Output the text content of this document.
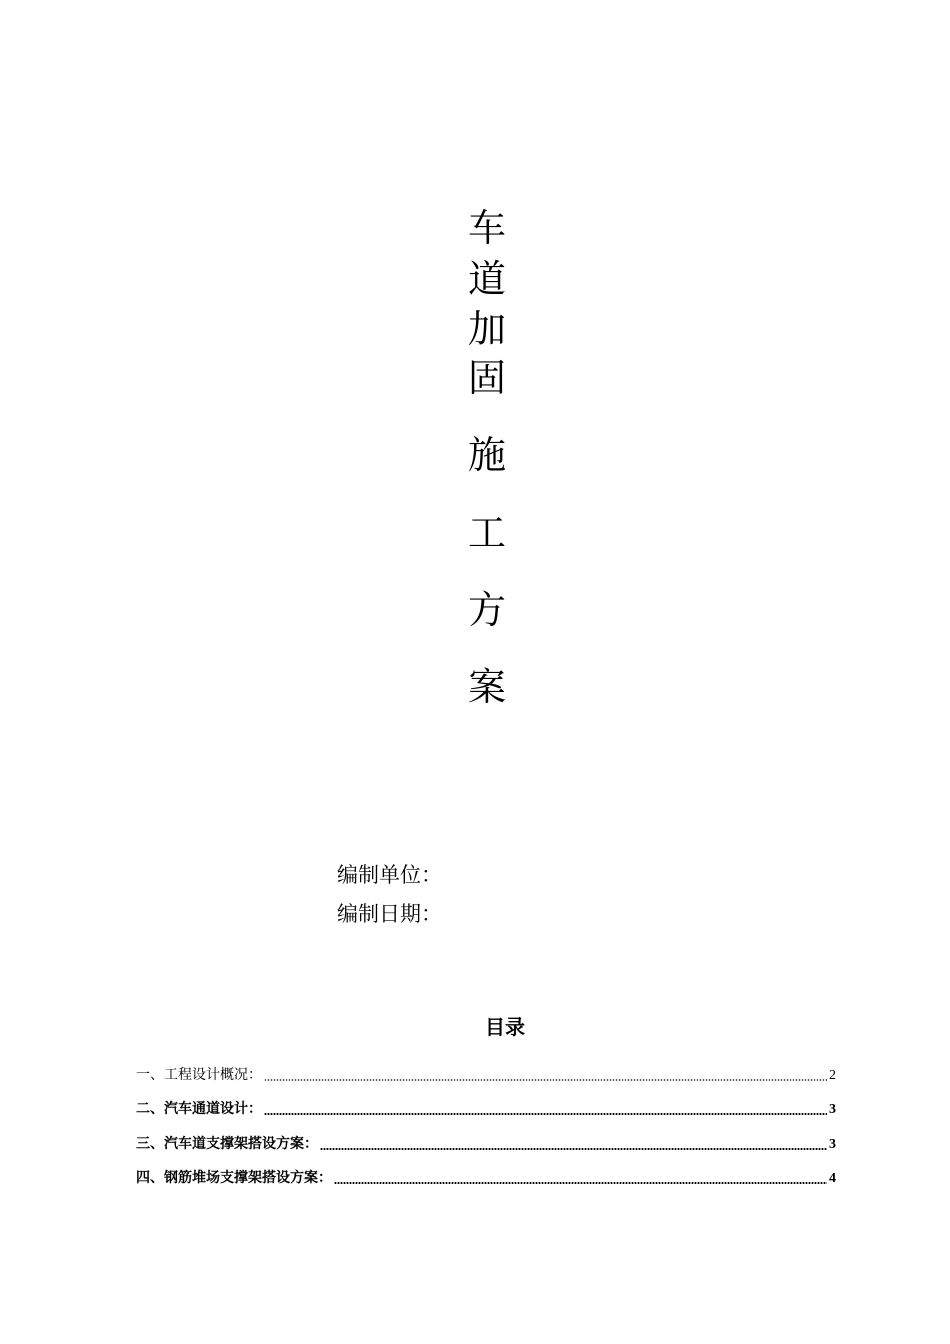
车
道
加
固
施
工
方
案
编制单位：
编制日期：
目录
一、工程设计概况：	2
二、汽车通道设计：	3
三、汽车道支撑架搭设方案：	3
四、钢筋堆场支撑架搭设方案：	4
